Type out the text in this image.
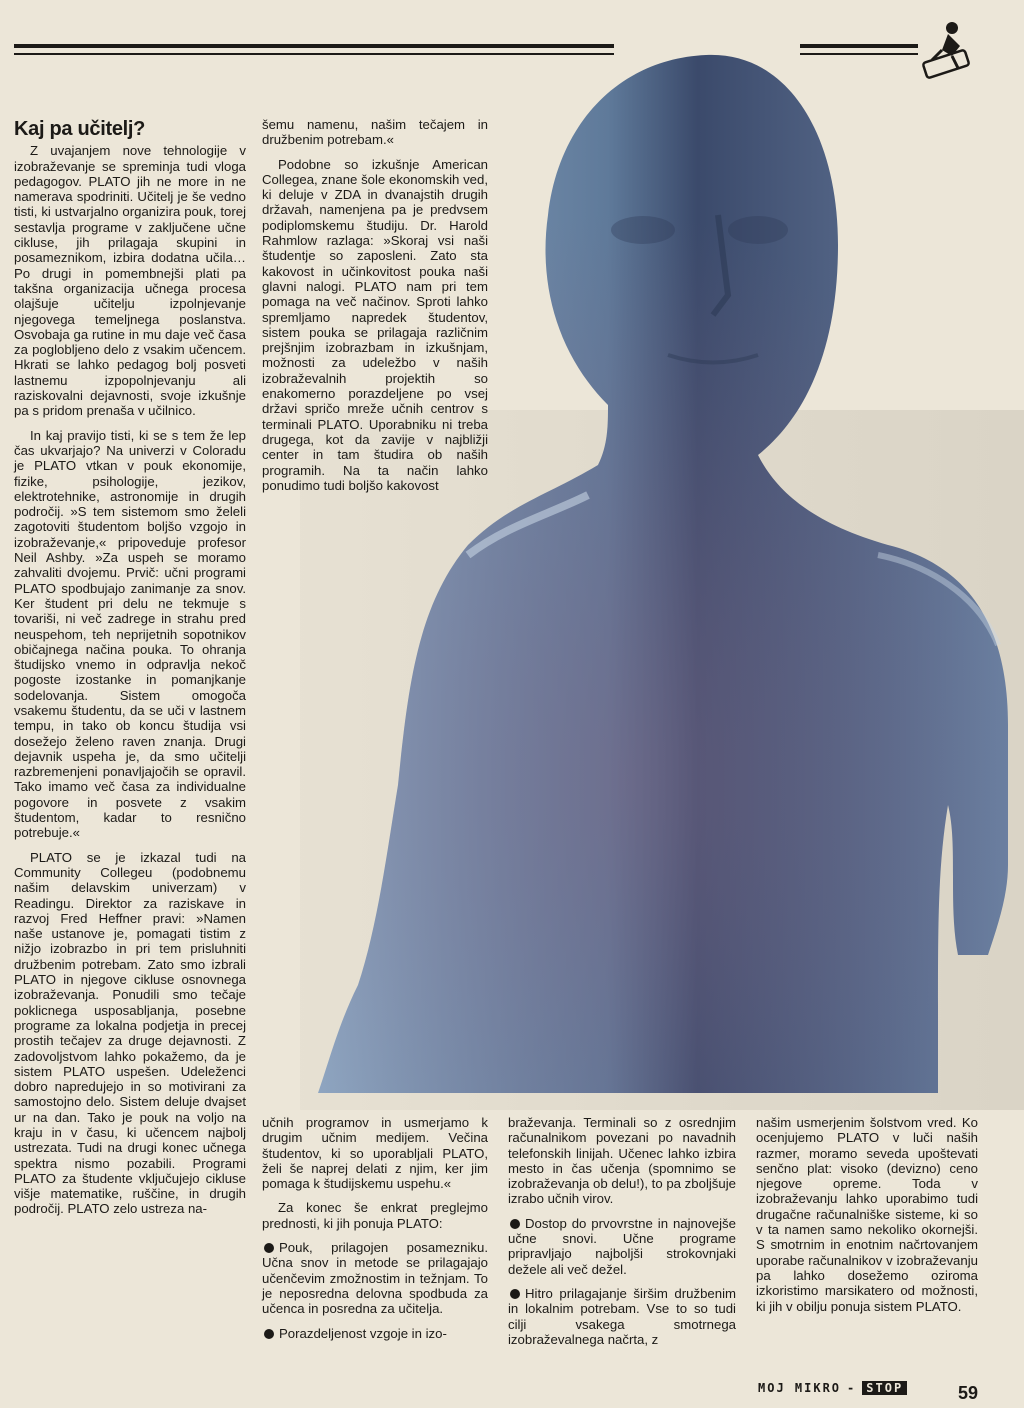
Kaj pa učitelj?

Z uvajanjem nove tehnologije v izobraževanje se spreminja tudi vloga pedagogov. PLATO jih ne more in ne namerava spodriniti. Učitelj je še vedno tisti, ki ustvarjalno organizira pouk, torej sestavlja programe v zaključene učne cikluse, jih prilagaja skupini in posameznikom, izbira dodatna učila… Po drugi in pomembnejši plati pa takšna organizacija učnega procesa olajšuje učitelju izpolnjevanje njegovega temeljnega poslanstva. Osvobaja ga rutine in mu daje več časa za poglobljeno delo z vsakim učencem. Hkrati se lahko pedagog bolj posveti lastnemu izpopolnjevanju ali raziskovalni dejavnosti, svoje izkušnje pa s pridom prenaša v učilnico.

In kaj pravijo tisti, ki se s tem že lep čas ukvarjajo? Na univerzi v Coloradu je PLATO vtkan v pouk ekonomije, fizike, psihologije, jezikov, elektrotehnike, astronomije in drugih področij. »S tem sistemom smo želeli zagotoviti študentom boljšo vzgojo in izobraževanje,« pripoveduje profesor Neil Ashby. »Za uspeh se moramo zahvaliti dvojemu. Prvič: učni programi PLATO spodbujajo zanimanje za snov. Ker študent pri delu ne tekmuje s tovariši, ni več zadrege in strahu pred neuspehom, teh neprijetnih sopotnikov običajnega načina pouka. To ohranja študijsko vnemo in odpravlja nekoč pogoste izostanke in pomanjkanje sodelovanja. Sistem omogoča vsakemu študentu, da se uči v lastnem tempu, in tako ob koncu študija vsi dosežejo želeno raven znanja. Drugi dejavnik uspeha je, da smo učitelji razbremenjeni ponavljajočih se opravil. Tako imamo več časa za individualne pogovore in posvete z vsakim študentom, kadar to resnično potrebuje.«

PLATO se je izkazal tudi na Community Collegeu (podobnemu našim delavskim univerzam) v Readingu. Direktor za raziskave in razvoj Fred Heffner pravi: »Namen naše ustanove je, pomagati tistim z nižjo izobrazbo in pri tem prisluhniti družbenim potrebam. Zato smo izbrali PLATO in njegove cikluse osnovnega izobraževanja. Ponudili smo tečaje poklicnega usposabljanja, posebne programe za lokalna podjetja in precej prostih tečajev za druge dejavnosti. Z zadovoljstvom lahko pokažemo, da je sistem PLATO uspešen. Udeleženci dobro napredujejo in so motivirani za samostojno delo. Sistem deluje dvajset ur na dan. Tako je pouk na voljo na kraju in v času, ki učencem najbolj ustrezata. Tudi na drugi konec učnega spektra nismo pozabili. Programi PLATO za študente vključujejo cikluse višje matematike, ruščine, in drugih področij. PLATO zelo ustreza na-

šemu namenu, našim tečajem in družbenim potrebam.«

Podobne so izkušnje American Collegea, znane šole ekonomskih ved, ki deluje v ZDA in dvanajstih drugih državah, namenjena pa je predvsem podiplomskemu študiju. Dr. Harold Rahmlow razlaga: »Skoraj vsi naši študentje so zaposleni. Zato sta kakovost in učinkovitost pouka naši glavni nalogi. PLATO nam pri tem pomaga na več načinov. Sproti lahko spremljamo napredek študentov, sistem pouka se prilagaja različnim prejšnjim izobrazbam in izkušnjam, možnosti za udeležbo v naših izobraževalnih projektih so enakomerno porazdeljene po vsej državi spričo mreže učnih centrov s terminali PLATO. Uporabniku ni treba drugega, kot da zavije v najbližji center in tam študira ob naših programih. Na ta način lahko ponudimo tudi boljšo kakovost

učnih programov in usmerjamo k drugim učnim medijem. Večina študentov, ki so uporabljali PLATO, želi še naprej delati z njim, ker jim pomaga k študijskemu uspehu.«

Za konec še enkrat preglejmo prednosti, ki jih ponuja PLATO:

Pouk, prilagojen posamezniku. Učna snov in metode se prilagajajo učenčevim zmožnostim in težnjam. To je neposredna delovna spodbuda za učenca in posredna za učitelja.

Porazdeljenost vzgoje in izo-

braževanja. Terminali so z osrednjim računalnikom povezani po navadnih telefonskih linijah. Učenec lahko izbira mesto in čas učenja (spomnimo se izobraževanja ob delu!), to pa zboljšuje izrabo učnih virov.

Dostop do prvovrstne in najnovejše učne snovi. Učne programe pripravljajo najboljši strokovnjaki dežele ali več dežel.

Hitro prilagajanje širšim družbenim in lokalnim potrebam. Vse to so tudi cilji vsakega smotrnega izobraževalnega načrta, z

našim usmerjenim šolstvom vred. Ko ocenjujemo PLATO v luči naših razmer, moramo seveda upoštevati senčno plat: visoko (devizno) ceno njegove opreme. Toda v izobraževanju lahko uporabimo tudi drugačne računalniške sisteme, ki so v ta namen samo nekoliko okornejši. S smotrnim in enotnim načrtovanjem uporabe računalnikov v izobraževanju pa lahko dosežemo oziroma izkoristimo marsikatero od možnosti, ki jih v obilju ponuja sistem PLATO.

MOJ MIKRO - STOP	59
